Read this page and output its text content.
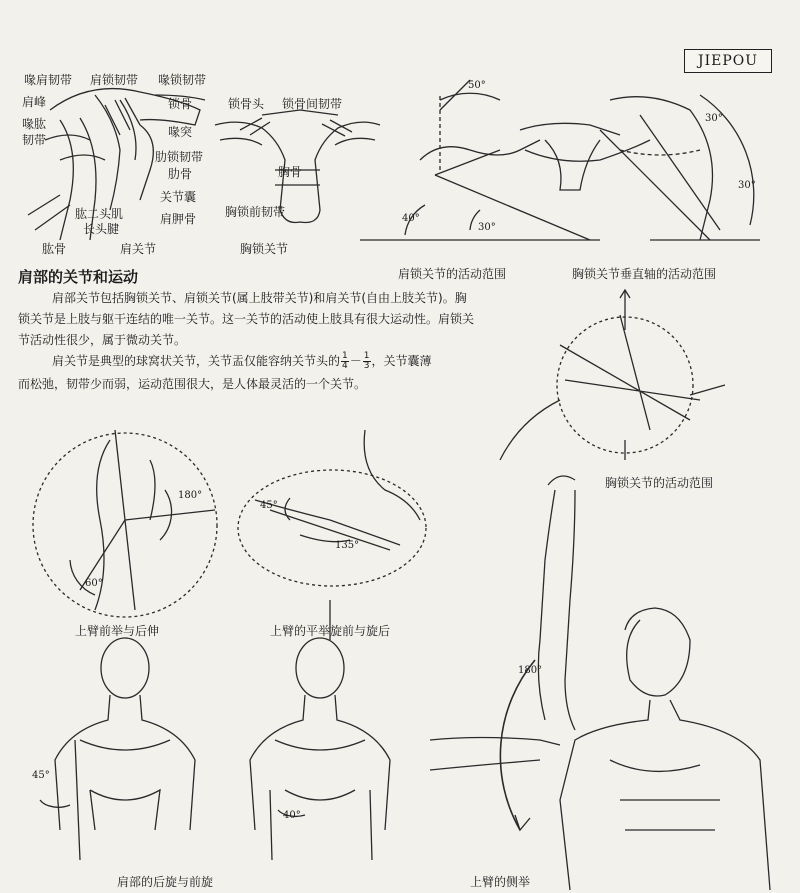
JIEPOU
喙肩韧带 肩锁韧带 喙锁韧带
肩峰
喙肱
韧带
锁骨
喙突
肱二头肌
长头腱
肱骨	肩关节
关节囊
肩胛骨
锁骨头 锁骨间韧带
肋锁韧带
肋骨	胸骨
胸锁前韧带
胸锁关节
肩部的关节和运动
肩部关节包括胸锁关节、肩锁关节(属上肢带关节)和肩关节(自由上肢关节)。胸
锁关节是上肢与躯干连结的唯一关节。这一关节的活动使上肢具有很大运动性。肩锁关
节活动性很少，属于微动关节。
肩关节是典型的球窝状关节，关节盂仅能容纳关节头的 $\frac{1}{4} - \frac{1}{3}$ ，关节囊薄
而松弛，韧带少而弱，运动范围很大，是人体最灵活的一个关节。
50°
30°
30°
40°
30°
180°
60°
45°
135°
45°
40°
180°
肩锁关节的活动范围	胸锁关节垂直轴的活动范围
胸锁关节的活动范围
上臂前举与后伸	上臂的平举旋前与旋后
肩部的后旋与前旋	上臂的侧举
